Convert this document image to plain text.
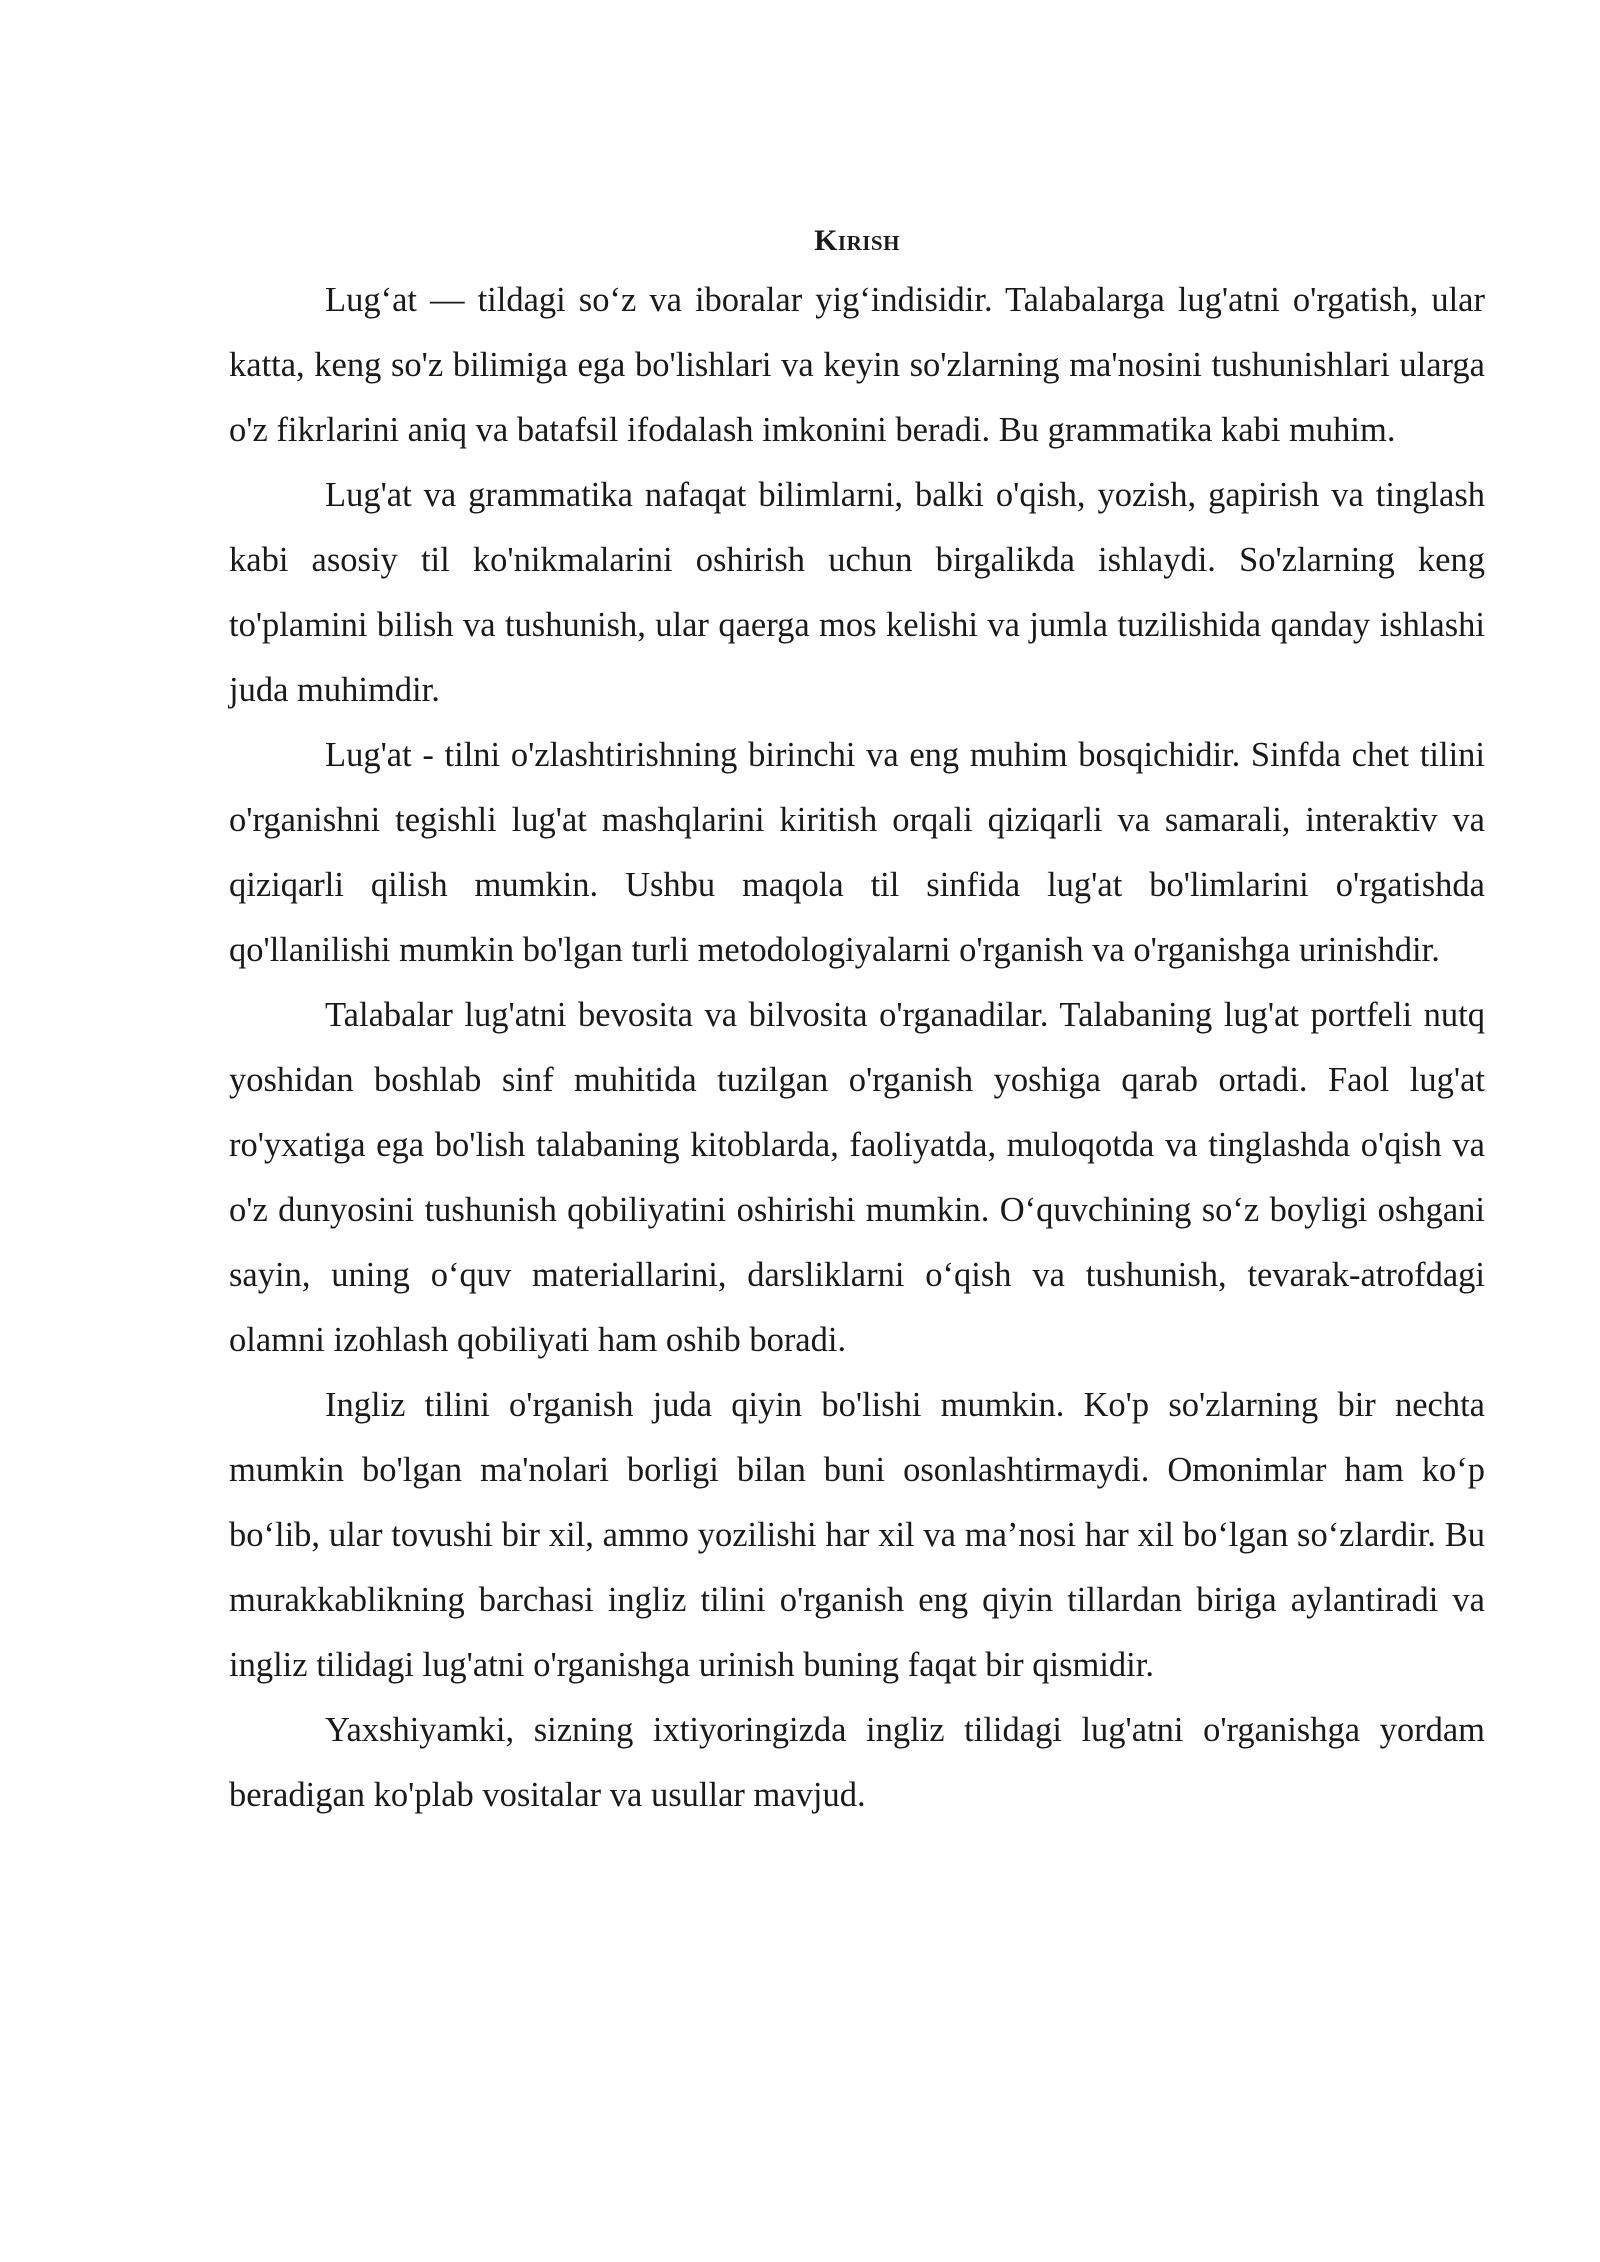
Kirish

Lug‘at — tildagi so‘z va iboralar yig‘indisidir. Talabalarga lug'atni o'rgatish, ular katta, keng so'z bilimiga ega bo'lishlari va keyin so'zlarning ma'nosini tushunishlari ularga o'z fikrlarini aniq va batafsil ifodalash imkonini beradi. Bu grammatika kabi muhim.

Lug'at va grammatika nafaqat bilimlarni, balki o'qish, yozish, gapirish va tinglash kabi asosiy til ko'nikmalarini oshirish uchun birgalikda ishlaydi. So'zlarning keng to'plamini bilish va tushunish, ular qaerga mos kelishi va jumla tuzilishida qanday ishlashi juda muhimdir.

Lug'at - tilni o'zlashtirishning birinchi va eng muhim bosqichidir. Sinfda chet tilini o'rganishni tegishli lug'at mashqlarini kiritish orqali qiziqarli va samarali, interaktiv va qiziqarli qilish mumkin. Ushbu maqola til sinfida lug'at bo'limlarini o'rgatishda qo'llanilishi mumkin bo'lgan turli metodologiyalarni o'rganish va o'rganishga urinishdir.

Talabalar lug'atni bevosita va bilvosita o'rganadilar. Talabaning lug'at portfeli nutq yoshidan boshlab sinf muhitida tuzilgan o'rganish yoshiga qarab ortadi. Faol lug'at ro'yxatiga ega bo'lish talabaning kitoblarda, faoliyatda, muloqotda va tinglashda o'qish va o'z dunyosini tushunish qobiliyatini oshirishi mumkin. O‘quvchining so‘z boyligi oshgani sayin, uning o‘quv materiallarini, darsliklarni o‘qish va tushunish, tevarak-atrofdagi olamni izohlash qobiliyati ham oshib boradi.

Ingliz tilini o'rganish juda qiyin bo'lishi mumkin. Ko'p so'zlarning bir nechta mumkin bo'lgan ma'nolari borligi bilan buni osonlashtirmaydi. Omonimlar ham ko‘p bo‘lib, ular tovushi bir xil, ammo yozilishi har xil va ma’nosi har xil bo‘lgan so‘zlardir. Bu murakkablikning barchasi ingliz tilini o'rganish eng qiyin tillardan biriga aylantiradi va ingliz tilidagi lug'atni o'rganishga urinish buning faqat bir qismidir.

Yaxshiyamki, sizning ixtiyoringizda ingliz tilidagi lug'atni o'rganishga yordam beradigan ko'plab vositalar va usullar mavjud.
